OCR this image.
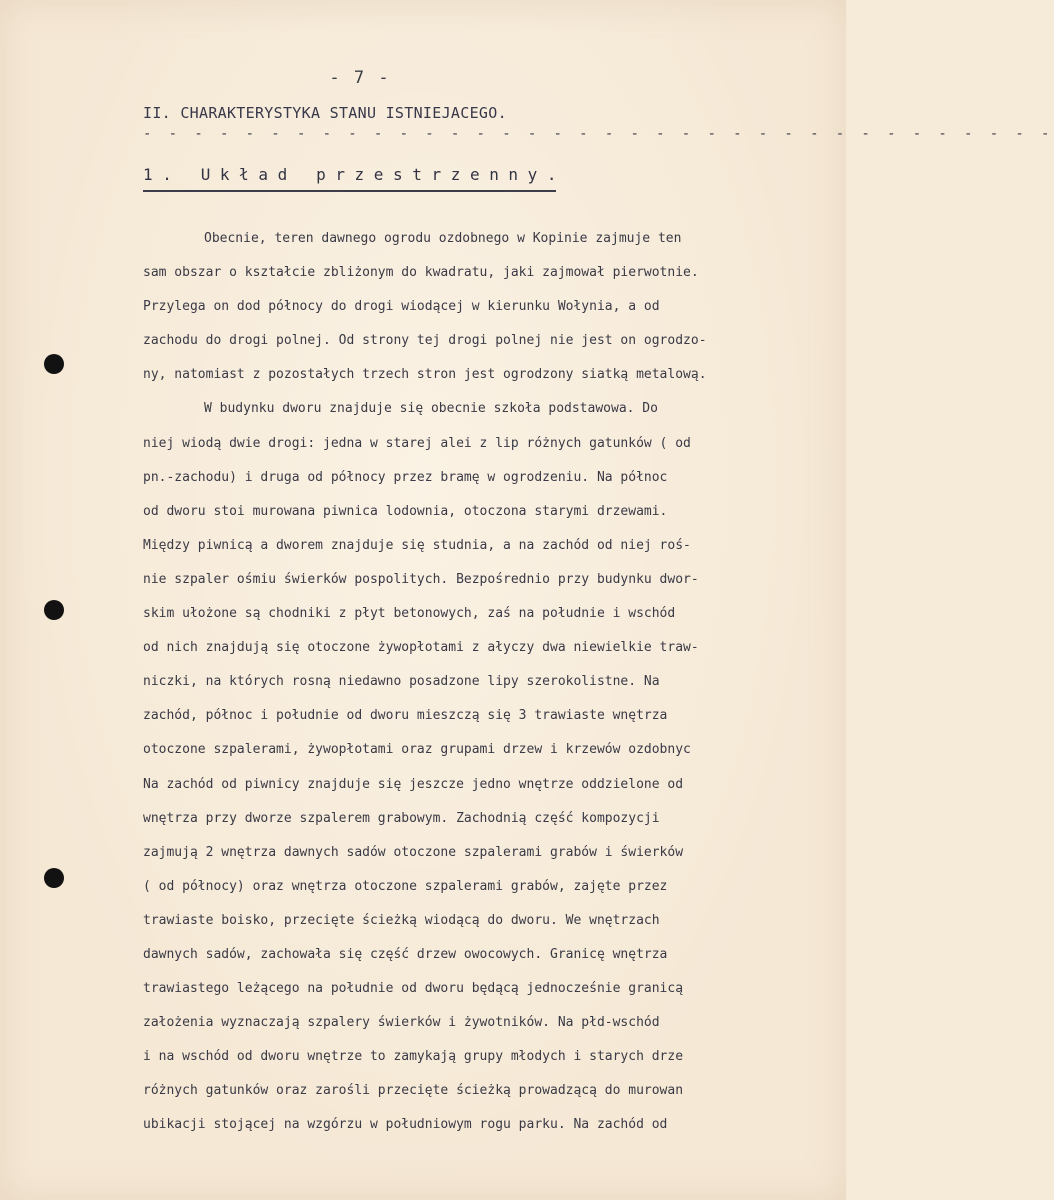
- 7 -
II. CHARAKTERYSTYKA STANU ISTNIEJACEGO.
- - - - - - - - - - - - - - - - - - - - - - - - - - - - - - - - - - - -
1. Układ przestrzenny.
Obecnie, teren dawnego ogrodu ozdobnego w Kopinie zajmuje ten
sam obszar o kształcie zbliżonym do kwadratu, jaki zajmował pierwotnie.
Przylega on dod północy do drogi wiodącej w kierunku Wołynia, a od
zachodu do drogi polnej. Od strony tej drogi polnej nie jest on ogrodzo-
ny, natomiast z pozostałych trzech stron jest ogrodzony siatką metalową.
W budynku dworu znajduje się obecnie szkoła podstawowa. Do
niej wiodą dwie drogi: jedna w starej alei z lip różnych gatunków ( od
pn.-zachodu) i druga od północy przez bramę w ogrodzeniu. Na północ
od dworu stoi murowana piwnica lodownia, otoczona starymi drzewami.
Między piwnicą a dworem znajduje się studnia, a na zachód od niej roś-
nie szpaler ośmiu świerków pospolitych. Bezpośrednio przy budynku dwor-
skim ułożone są chodniki z płyt betonowych, zaś na południe i wschód
od nich znajdują się otoczone żywopłotami z ałyczy dwa niewielkie traw-
niczki, na których rosną niedawno posadzone lipy szerokolistne. Na
zachód, północ i południe od dworu mieszczą się 3 trawiaste wnętrza
otoczone szpalerami, żywopłotami oraz grupami drzew i krzewów ozdobnyc
Na zachód od piwnicy znajduje się jeszcze jedno wnętrze oddzielone od
wnętrza przy dworze szpalerem grabowym. Zachodnią część kompozycji
zajmują 2 wnętrza dawnych sadów otoczone szpalerami grabów i świerków
( od północy) oraz wnętrza otoczone szpalerami grabów, zajęte przez
trawiaste boisko, przecięte ścieżką wiodącą do dworu. We wnętrzach
dawnych sadów, zachowała się część drzew owocowych. Granicę wnętrza
trawiastego leżącego na południe od dworu będącą jednocześnie granicą
założenia wyznaczają szpalery świerków i żywotników. Na płd-wschód
i na wschód od dworu wnętrze to zamykają grupy młodych i starych drze
różnych gatunków oraz zarośli przecięte ścieżką prowadzącą do murowan
ubikacji stojącej na wzgórzu w południowym rogu parku. Na zachód od
